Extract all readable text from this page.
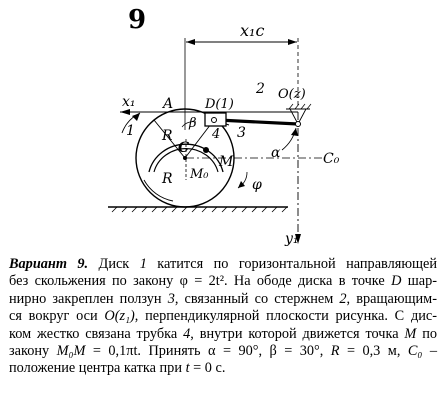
9	x₁c
x₁
y₁
C₀
A D(1)
O(z)
2
1	3
4
β
R
C
M
M₀
R
α
φ
Вариант 9. Диск 1 катится по горизонтальной направляющей
без скольжения по закону φ = 2t². На ободе диска в точке D шар-
нирно закреплен ползун 3, связанный со стержнем 2, вращающим-
ся вокруг оси O(z₁), перпендикулярной плоскости рисунка. С дис-
ком жестко связана трубка 4, внутри которой движется точка M по
закону M₀M = 0,1πt. Принять α = 90°, β = 30°, R = 0,3 м, C₀ –
положение центра катка при t = 0 c.
